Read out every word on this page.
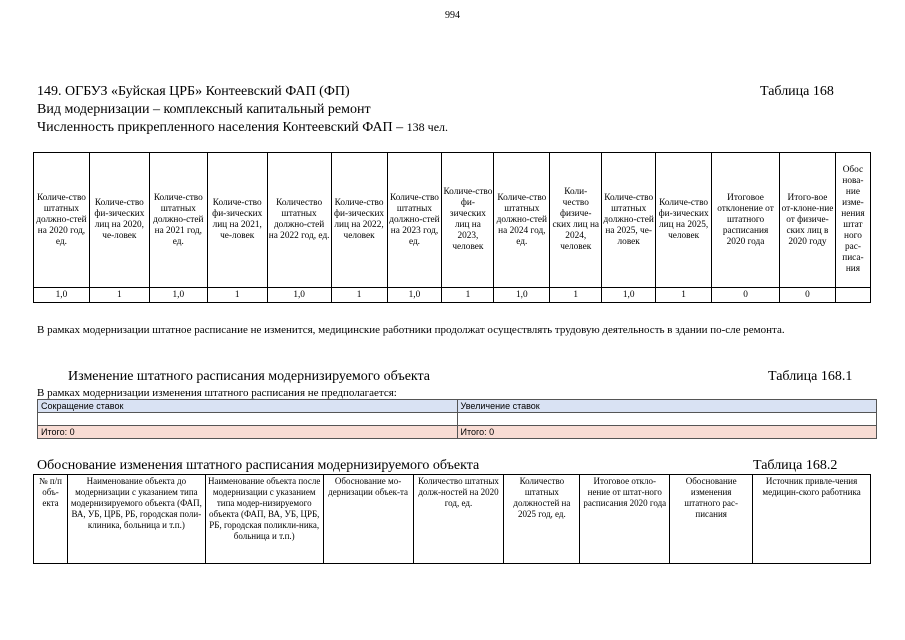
994
149. ОГБУЗ «Буйская ЦРБ» Контеевский ФАП (ФП)	Таблица 168
Вид модернизации – комплексный капитальный ремонт
Численность прикрепленного населения Контеевский ФАП – 138 чел.
Количе-ство штатных должно-стей на 2020 год, ед.	Количе-ство фи-зических лиц на 2020, че-ловек	Количе-ство штатных должно-стей на 2021 год, ед.	Количе-ство фи-зических лиц на 2021, че-ловек	Количество штатных должно-стей на 2022 год, ед.	Количе-ство фи-зических лиц на 2022, человек	Количе-ство штатных должно-стей на 2023 год, ед.	Количе-ство фи-зических лиц на 2023, человек	Количе-ство штатных должно-стей на 2024 год, ед.	Коли-чество физиче-ских лиц на 2024, человек	Количе-ство штатных должно-стей на 2025, че-ловек	Количе-ство фи-зических лиц на 2025, человек	Итоговое отклонение от штатного расписания 2020 года	Итого-вое от-клоне-ние от физиче-ских лиц в 2020 году	Обос нова-ние изме-нения штат ного рас-писа-ния
1,0	1	1,0	1	1,0	1	1,0	1	1,0	1	1,0	1	0	0	
В рамках модернизации штатное расписание не изменится, медицинские работники продолжат осуществлять трудовую деятельность в здании по-сле ремонта.
Изменение штатного расписания модернизируемого объекта	Таблица 168.1
В рамках модернизации изменения штатного расписания не предполагается:
Сокращение ставок	Увеличение ставок

Итого: 0	Итого: 0
Обоснование изменения штатного расписания модернизируемого объекта	Таблица 168.2
№ п/п объ-екта	Наименование объекта до модернизации с указанием типа модернизируемого объекта (ФАП, ВА, УБ, ЦРБ, РБ, городская поли-клиника, больница и т.п.)	Наименование объекта после модернизации с указанием типа модер-низируемого объекта (ФАП, ВА, УБ, ЦРБ, РБ, городская поликли-ника, больница и т.п.)	Обоснование мо-дернизации объек-та	Количество штатных долж-ностей на 2020 год, ед.	Количество штатных должностей на 2025 год, ед.	Итоговое откло-нение от штат-ного расписания 2020 года	Обоснование изменения штатного рас-писания	Источник привле-чения медицин-ского работника
